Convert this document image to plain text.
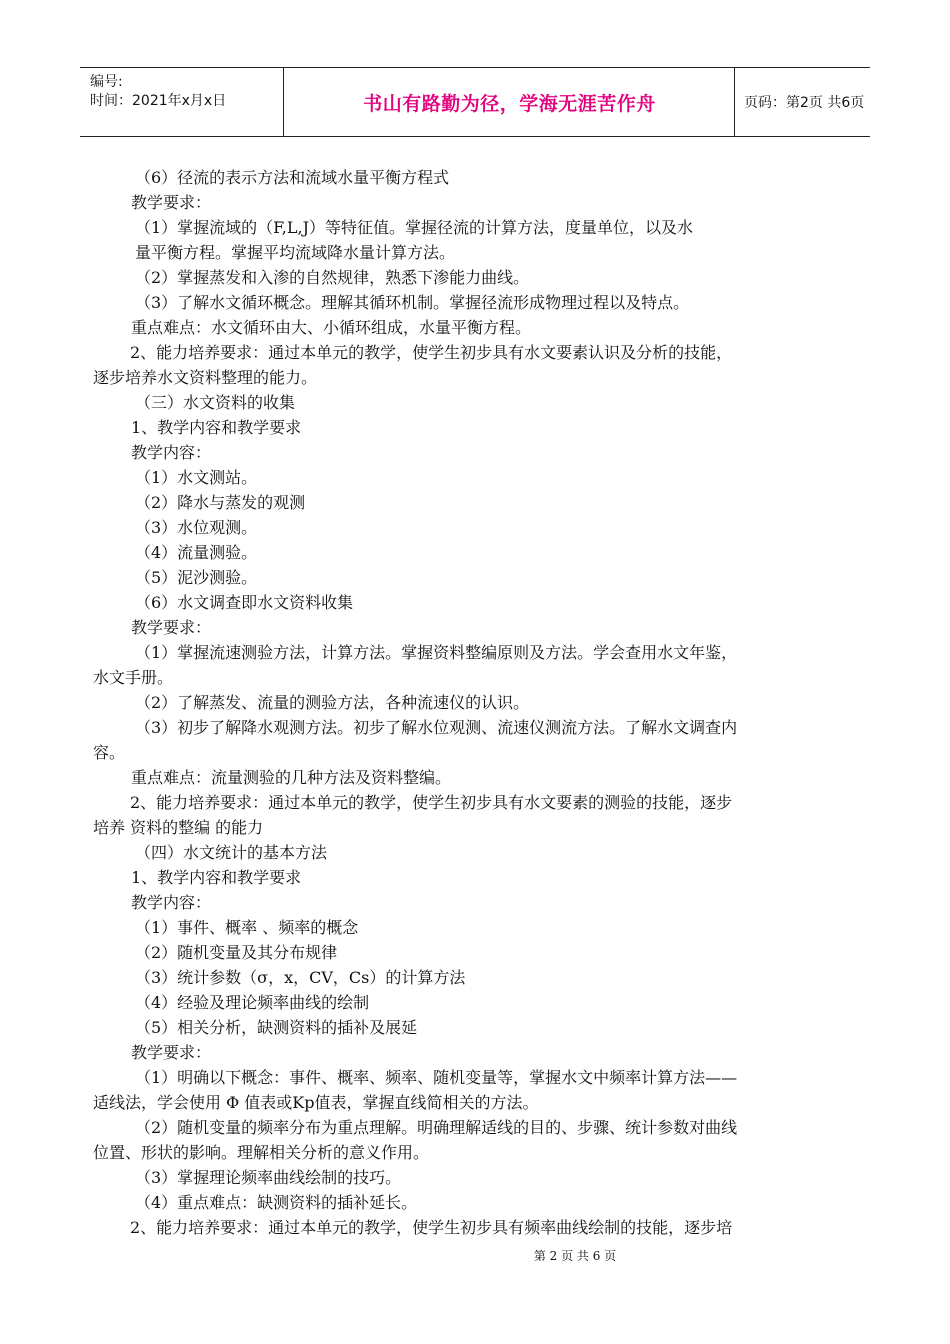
编号:
时间：2021年x月x日	书山有路勤为径，学海无涯苦作舟	页码：第2页 共6页
（6）径流的表示方法和流域水量平衡方程式
教学要求：
（1）掌握流域的（F,L,J）等特征值。掌握径流的计算方法，度量单位，以及水
量平衡方程。掌握平均流域降水量计算方法。
（2）掌握蒸发和入渗的自然规律，熟悉下渗能力曲线。
（3）了解水文循环概念。理解其循环机制。掌握径流形成物理过程以及特点。
重点难点：水文循环由大、小循环组成，水量平衡方程。
2、能力培养要求：通过本单元的教学，使学生初步具有水文要素认识及分析的技能，
逐步培养水文资料整理的能力。
（三）水文资料的收集
1、教学内容和教学要求
教学内容：
（1）水文测站。
（2）降水与蒸发的观测
（3）水位观测。
（4）流量测验。
（5）泥沙测验。
（6）水文调查即水文资料收集
教学要求：
（1）掌握流速测验方法，计算方法。掌握资料整编原则及方法。学会查用水文年鉴，
水文手册。
（2）了解蒸发、流量的测验方法，各种流速仪的认识。
（3）初步了解降水观测方法。初步了解水位观测、流速仪测流方法。了解水文调查内
容。
重点难点：流量测验的几种方法及资料整编。
2、能力培养要求：通过本单元的教学，使学生初步具有水文要素的测验的技能，逐步
培养 资料的整编 的能力
（四）水文统计的基本方法
1、教学内容和教学要求
教学内容：
（1）事件、概率 、频率的概念
（2）随机变量及其分布规律
（3）统计参数（σ，x，CV，Cs）的计算方法
（4）经验及理论频率曲线的绘制
（5）相关分析，缺测资料的插补及展延
教学要求：
（1）明确以下概念：事件、概率、频率、随机变量等，掌握水文中频率计算方法——
适线法，学会使用 Φ 值表或Kp值表，掌握直线简相关的方法。
（2）随机变量的频率分布为重点理解。明确理解适线的目的、步骤、统计参数对曲线
位置、形状的影响。理解相关分析的意义作用。
（3）掌握理论频率曲线绘制的技巧。
（4）重点难点：缺测资料的插补延长。
2、能力培养要求：通过本单元的教学，使学生初步具有频率曲线绘制的技能，逐步培
第 2 页 共 6 页
